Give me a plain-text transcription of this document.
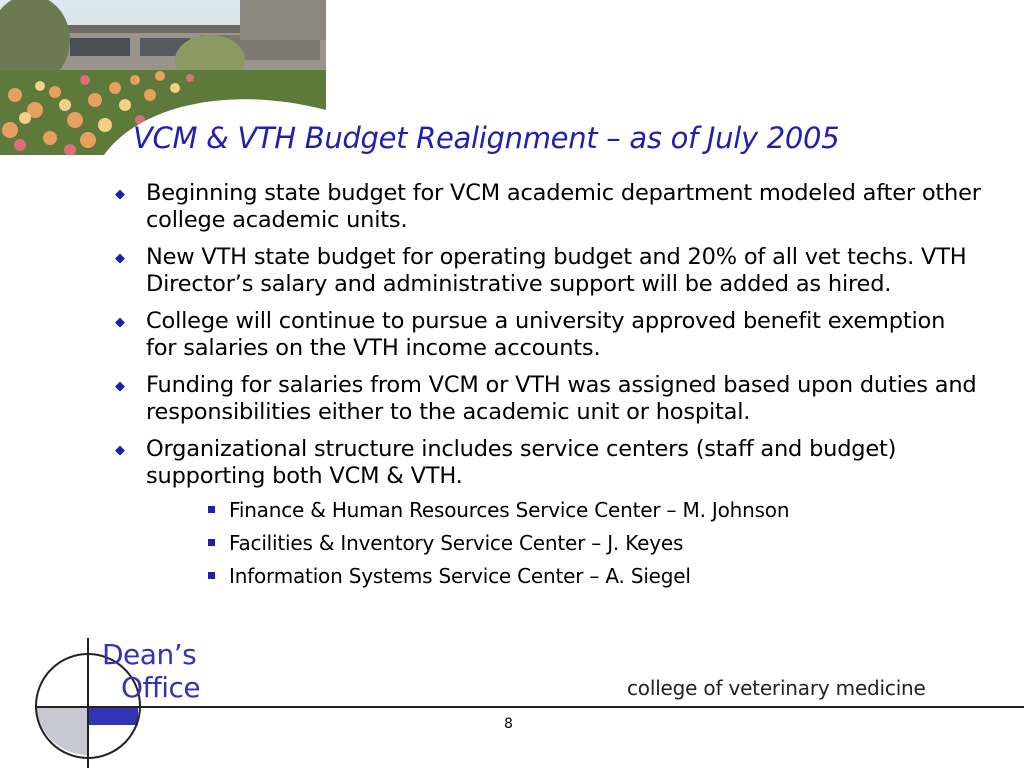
VCM & VTH Budget Realignment – as of July 2005
◆ Beginning state budget for VCM academic department modeled after other college academic units.
◆ New VTH state budget for operating budget and 20% of all vet techs. VTH Director’s salary and administrative support will be added as hired.
◆ College will continue to pursue a university approved benefit exemption for salaries on the VTH income accounts.
◆ Funding for salaries from VCM or VTH was assigned based upon duties and responsibilities either to the academic unit or hospital.
◆ Organizational structure includes service centers (staff and budget) supporting both VCM & VTH.
Finance & Human Resources Service Center – M. Johnson
Facilities & Inventory Service Center – J. Keyes
Information Systems Service Center – A. Siegel
Dean’s
Office	college of veterinary medicine
8
